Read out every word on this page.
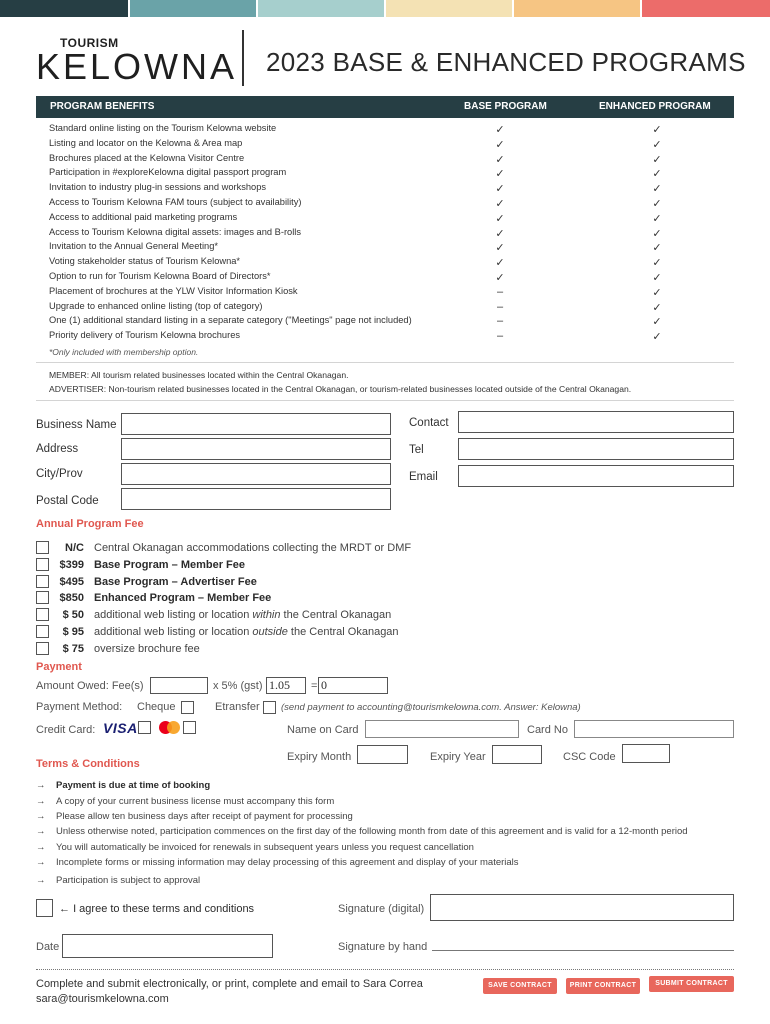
TOURISM
KELOWNA 2023 BASE & ENHANCED PROGRAMS
PROGRAM BENEFITS	BASE PROGRAM	ENHANCED PROGRAM
Standard online listing on the Tourism Kelowna website	✓	✓
Listing and locator on the Kelowna & Area map	✓	✓
Brochures placed at the Kelowna Visitor Centre	✓	✓
Participation in #exploreKelowna digital passport program	✓	✓
Invitation to industry plug-in sessions and workshops	✓	✓
Access to Tourism Kelowna FAM tours (subject to availability)	✓	✓
Access to additional paid marketing programs	✓	✓
Access to Tourism Kelowna digital assets: images and B-rolls	✓	✓
Invitation to the Annual General Meeting*	✓	✓
Voting stakeholder status of Tourism Kelowna*	✓	✓
Option to run for Tourism Kelowna Board of Directors*	✓	✓
Placement of brochures at the YLW Visitor Information Kiosk	–	✓
Upgrade to enhanced online listing (top of category)	–	✓
One (1) additional standard listing in a separate category ("Meetings" page not included)	–	✓
Priority delivery of Tourism Kelowna brochures	–	✓
*Only included with membership option.
MEMBER: All tourism related businesses located within the Central Okanagan.
ADVERTISER: Non-tourism related businesses located in the Central Okanagan, or tourism-related businesses located outside of the Central Okanagan.
Business Name	Contact
Address	Tel
City/Prov	Email
Postal Code
Annual Program Fee
N/C Central Okanagan accommodations collecting the MRDT or DMF
$399 Base Program – Member Fee
$495 Base Program – Advertiser Fee
$850 Enhanced Program – Member Fee
$ 50 additional web listing or location within the Central Okanagan
$ 95 additional web listing or location outside the Central Okanagan
$ 75 oversize brochure fee
Payment
Amount Owed: Fee(s)	x 5% (gst) 1.05	= 0
Payment Method: Cheque	Etransfer (send payment to accounting@tourismkelowna.com. Answer: Kelowna)
Credit Card: VISA	Name on Card	Card No
Expiry Month	Expiry Year	CSC Code
Terms & Conditions
→ Payment is due at time of booking
→ A copy of your current business license must accompany this form
→ Please allow ten business days after receipt of payment for processing
→ Unless otherwise noted, participation commences on the first day of the following month from date of this agreement and is valid for a 12-month period
→ You will automatically be invoiced for renewals in subsequent years unless you request cancellation
→ Incomplete forms or missing information may delay processing of this agreement and display of your materials
→ Participation is subject to approval
← I agree to these terms and conditions	Signature (digital)
Date	Signature by hand
Complete and submit electronically, or print, complete and email to Sara Correa
sara@tourismkelowna.com
SAVE CONTRACT	PRINT CONTRACT	SUBMIT CONTRACT
